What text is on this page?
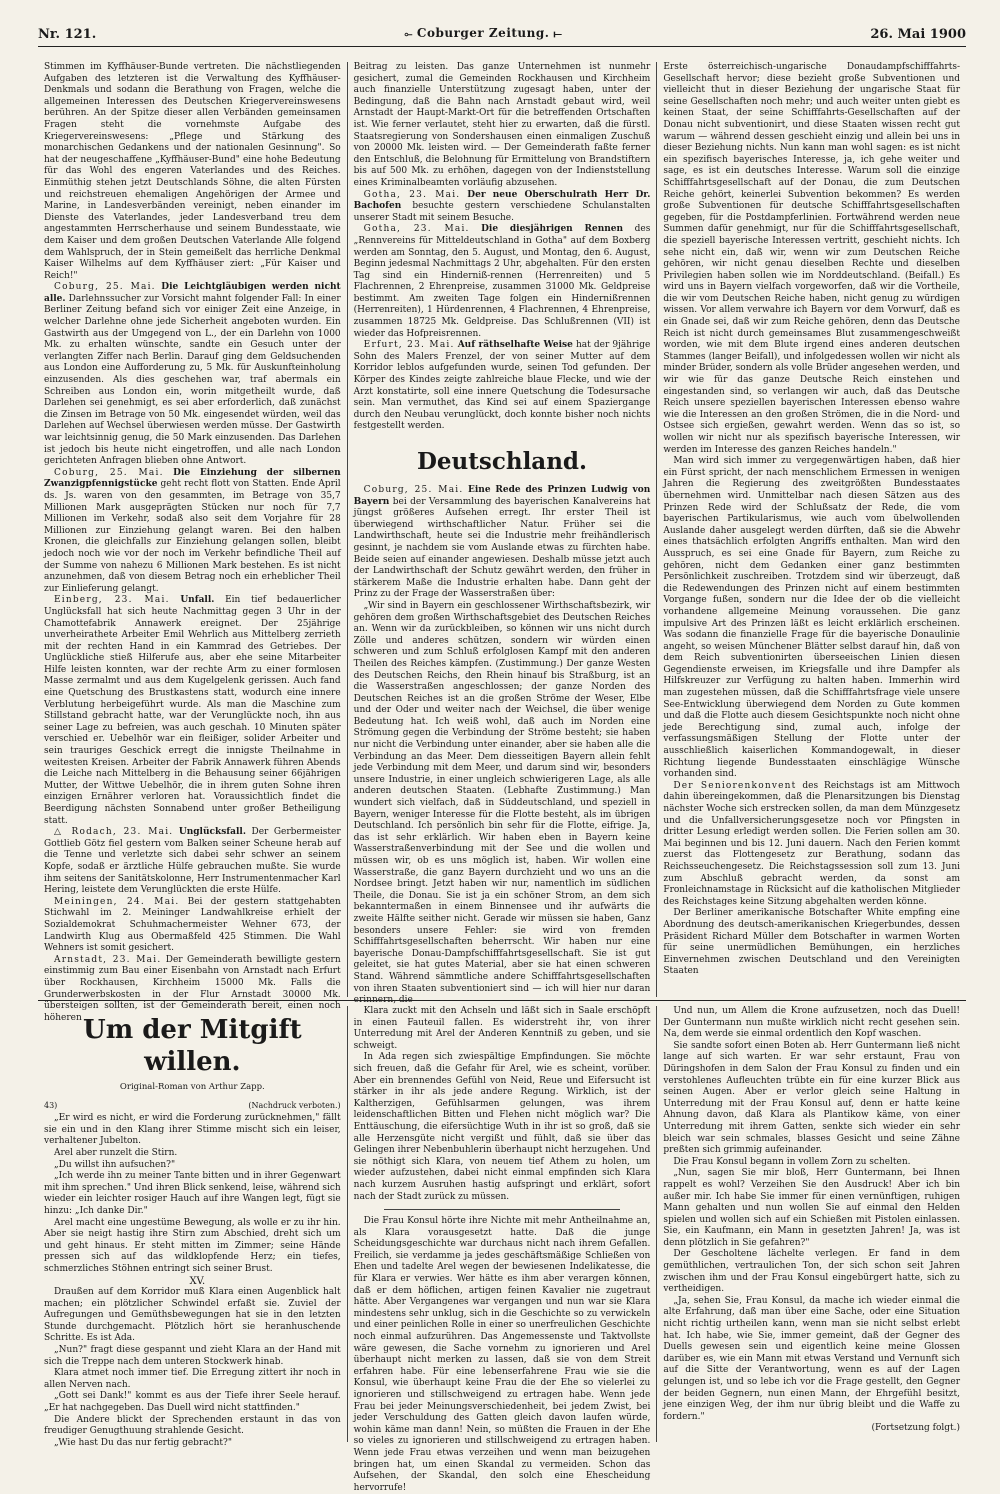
Nr. 121.	⟜ Coburger Zeitung. ⟝	26. Mai 1900

Stimmen im Kyffhäuser-Bunde vertreten. Die nächstliegenden Aufgaben des letzteren ist die Verwaltung des Kyffhäuser-Denkmals und sodann die Berathung von Fragen, welche die allgemeinen Interessen des Deutschen Kriegervereinswesens berühren. An der Spitze dieser allen Verbänden gemeinsamen Fragen steht die vornehmste Aufgabe des Kriegervereinswesens: „Pflege und Stärkung des monarchischen Gedankens und der nationalen Gesinnung". So hat der neugeschaffene „Kyffhäuser-Bund" eine hohe Bedeutung für das Wohl des engeren Vaterlandes und des Reiches. Einmüthig stehen jetzt Deutschlands Söhne, die alten Fürsten und reichstreuen ehemaligen Angehörigen der Armee und Marine, in Landesverbänden vereinigt, neben einander im Dienste des Vaterlandes, jeder Landesverband treu dem angestammten Herrscherhause und seinem Bundesstaate, wie dem Kaiser und dem großen Deutschen Vaterlande Alle folgend dem Wahlspruch, der in Stein gemeißelt das herrliche Denkmal Kaiser Wilhelms auf dem Kyffhäuser ziert: „Für Kaiser und Reich!"

Coburg, 25. Mai. Die Leichtgläubigen werden nicht alle. Darlehnssucher zur Vorsicht mahnt folgender Fall: In einer Berliner Zeitung befand sich vor einiger Zeit eine Anzeige, in welcher Darlehne ohne jede Sicherheit angeboten wurden. Ein Gastwirth aus der Umgegend von L., der ein Darlehn von 1000 Mk. zu erhalten wünschte, sandte ein Gesuch unter der verlangten Ziffer nach Berlin. Darauf ging dem Geldsuchenden aus London eine Aufforderung zu, 5 Mk. für Auskunfteinholung einzusenden. Als dies geschehen war, traf abermals ein Schreiben aus London ein, worin mitgetheilt wurde, daß Darlehen sei genehmigt, es sei aber erforderlich, daß zunächst die Zinsen im Betrage von 50 Mk. eingesendet würden, weil das Darlehen auf Wechsel überwiesen werden müsse. Der Gastwirth war leichtsinnig genug, die 50 Mark einzusenden. Das Darlehen ist jedoch bis heute nicht eingetroffen, und alle nach London gerichteten Anfragen blieben ohne Antwort.

Coburg, 25. Mai. Die Einziehung der silbernen Zwanzigpfennigstücke geht recht flott von Statten. Ende April ds. Js. waren von den gesammten, im Betrage von 35,7 Millionen Mark ausgeprägten Stücken nur noch für 7,7 Millionen im Verkehr, sodaß also seit dem Vorjahre für 28 Millionen zur Einziehung gelangt waren. Bei den halben Kronen, die gleichfalls zur Einziehung gelangen sollen, bleibt jedoch noch wie vor der noch im Verkehr befindliche Theil auf der Summe von nahezu 6 Millionen Mark bestehen. Es ist nicht anzunehmen, daß von diesem Betrag noch ein erheblicher Theil zur Einlieferung gelangt.

Einberg, 23. Mai. Unfall. Ein tief bedauerlicher Unglücksfall hat sich heute Nachmittag gegen 3 Uhr in der Chamottefabrik Annawerk ereignet. Der 25jährige unverheirathete Arbeiter Emil Wehrlich aus Mittelberg zerrieth mit der rechten Hand in ein Kammrad des Getriebes. Der Unglückliche stieß Hilferufe aus, aber ehe seine Mitarbeiter Hilfe leisten konnten, war der rechte Arm zu einer formlosen Masse zermalmt und aus dem Kugelgelenk gerissen. Auch fand eine Quetschung des Brustkastens statt, wodurch eine innere Verblutung herbeigeführt wurde. Als man die Maschine zum Stillstand gebracht hatte, war der Verunglückte noch, ihn aus seiner Lage zu befreien, was auch geschah. 10 Minuten später verschied er. Uebelhör war ein fleißiger, solider Arbeiter und sein trauriges Geschick erregt die innigste Theilnahme in weitesten Kreisen. Arbeiter der Fabrik Annawerk führen Abends die Leiche nach Mittelberg in die Behausung seiner 66jährigen Mutter, der Wittwe Uebelhör, die in ihrem guten Sohne ihren einzigen Ernährer verloren hat. Voraussichtlich findet die Beerdigung nächsten Sonnabend unter großer Betheiligung statt.

△ Rodach, 23. Mai. Unglücksfall. Der Gerbermeister Gottlieb Götz fiel gestern vom Balken seiner Scheune herab auf die Tenne und verletzte sich dabei sehr schwer an seinem Kopfe, sodaß er ärztliche Hülfe gebrauchen mußte. Sie wurde ihm seitens der Sanitätskolonne, Herr Instrumentenmacher Karl Hering, leistete dem Verunglückten die erste Hülfe.

Meiningen, 24. Mai. Bei der gestern stattgehabten Stichwahl im 2. Meininger Landwahlkreise erhielt der Sozialdemokrat Schuhmachermeister Wehner 673, der Landwirth Klug aus Obermaßfeld 425 Stimmen. Die Wahl Wehners ist somit gesichert.

Arnstadt, 23. Mai. Der Gemeinderath bewilligte gestern einstimmig zum Bau einer Eisenbahn von Arnstadt nach Erfurt über Rockhausen, Kirchheim 15000 Mk. Falls die Grunderwerbskosten in der Flur Arnstadt 30000 Mk. übersteigen sollten, ist der Gemeinderath bereit, einen noch höheren

Beitrag zu leisten. Das ganze Unternehmen ist nunmehr gesichert, zumal die Gemeinden Rockhausen und Kirchheim auch finanzielle Unterstützung zugesagt haben, unter der Bedingung, daß die Bahn nach Arnstadt gebaut wird, weil Arnstadt der Haupt-Markt-Ort für die betreffenden Ortschaften ist. Wie ferner verlautet, steht hier zu erwarten, daß die fürstl. Staatsregierung von Sondershausen einen einmaligen Zuschuß von 20000 Mk. leisten wird. — Der Gemeinderath faßte ferner den Entschluß, die Belohnung für Ermittelung von Brandstiftern bis auf 500 Mk. zu erhöhen, dagegen von der Indienststellung eines Kriminalbeamten vorläufig abzusehen.

Gotha, 23. Mai. Der neue Oberschulrath Herr Dr. Bachofen besuchte gestern verschiedene Schulanstalten unserer Stadt mit seinem Besuche.

Gotha, 23. Mai. Die diesjährigen Rennen des „Rennvereins für Mitteldeutschland in Gotha" auf dem Boxberg werden am Sonntag, den 5. August, und Montag, den 6. August, Beginn jedesmal Nachmittags 2 Uhr, abgehalten. Für den ersten Tag sind ein Hinderniß-rennen (Herrenreiten) und 5 Flachrennen, 2 Ehrenpreise, zusammen 31000 Mk. Geldpreise bestimmt. Am zweiten Tage folgen ein Hindernißrennen (Herrenreiten), 1 Hürdenrennen, 4 Flachrennen, 4 Ehrenpreise, zusammen 18725 Mk. Geldpreise. Das Schlußrennen (VII) ist wieder das Hofpreisrennen.

Erfurt, 23. Mai. Auf räthselhafte Weise hat der 9jährige Sohn des Malers Frenzel, der von seiner Mutter auf dem Korridor leblos aufgefunden wurde, seinen Tod gefunden. Der Körper des Kindes zeigte zahlreiche blaue Flecke, und wie der Arzt konstatirte, soll eine innere Quetschung die Todesursache sein. Man vermuthet, das Kind sei auf einem Spaziergange durch den Neubau verunglückt, doch konnte bisher noch nichts festgestellt werden.

Deutschland.

Coburg, 25. Mai. Eine Rede des Prinzen Ludwig von Bayern bei der Versammlung des bayerischen Kanalvereins hat jüngst größeres Aufsehen erregt. Ihr erster Theil ist überwiegend wirthschaftlicher Natur. Früher sei die Landwirthschaft, heute sei die Industrie mehr freihändlerisch gesinnt, je nachdem sie vom Auslande etwas zu fürchten habe. Beide seien auf einander angewiesen. Deshalb müsse jetzt auch der Landwirthschaft der Schutz gewährt werden, den früher in stärkerem Maße die Industrie erhalten habe. Dann geht der Prinz zu der Frage der Wasserstraßen über:

„Wir sind in Bayern ein geschlossener Wirthschaftsbezirk, wir gehören dem großen Wirthschaftsgebiet des Deutschen Reiches an. Wenn wir da zurückbleiben, so können wir uns nicht durch Zölle und anderes schützen, sondern wir würden einen schweren und zum Schluß erfolglosen Kampf mit den anderen Theilen des Reiches kämpfen. (Zustimmung.) Der ganze Westen des Deutschen Reichs, den Rhein hinauf bis Straßburg, ist an die Wasserstraßen angeschlossen; der ganze Norden des Deutschen Reiches ist an die großen Ströme der Weser, Elbe und der Oder und weiter nach der Weichsel, die über wenige Bedeutung hat. Ich weiß wohl, daß auch im Norden eine Strömung gegen die Verbindung der Ströme besteht; sie haben nur nicht die Verbindung unter einander, aber sie haben alle die Verbindung an das Meer. Dem diesseitigen Bayern allein fehlt jede Verbindung mit dem Meer, und darum sind wir, besonders unsere Industrie, in einer ungleich schwierigeren Lage, als alle anderen deutschen Staaten. (Lebhafte Zustimmung.) Man wundert sich vielfach, daß in Süddeutschland, und speziell in Bayern, weniger Interesse für die Flotte besteht, als im übrigen Deutschland. Ich persönlich bin sehr für die Flotte, eifrige. Ja, das ist sehr erklärlich. Wir haben eben in Bayern keine Wasserstraßenverbindung mit der See und die wollen und müssen wir, ob es uns möglich ist, haben. Wir wollen eine Wasserstraße, die ganz Bayern durchzieht und wo uns an die Nordsee bringt. Jetzt haben wir nur, namentlich im südlichen Theile, die Donau. Sie ist ja ein schöner Strom, an dem sich bekanntermaßen in einem Binnensee und ihr aufwärts die zweite Hälfte seither nicht. Gerade wir müssen sie haben, Ganz besonders unsere Fehler: sie wird von fremden Schifffahrtsgesellschaften beherrscht. Wir haben nur eine bayerische Donau-Dampfschifffahrtsgesellschaft. Sie ist gut geleitet, sie hat gutes Material, aber sie hat einen schweren Stand. Während sämmtliche andere Schifffahrtsgesellschaften von ihren Staaten subventioniert sind — ich will hier nur daran erinnern, die

Erste österreichisch-ungarische Donaudampfschifffahrts-Gesellschaft hervor; diese bezieht große Subventionen und vielleicht thut in dieser Beziehung der ungarische Staat für seine Gesellschaften noch mehr; und auch weiter unten giebt es keinen Staat, der seine Schifffahrts-Gesellschaften auf der Donau nicht subventionirt, und diese Staaten wissen recht gut warum — während dessen geschieht einzig und allein bei uns in dieser Beziehung nichts. Nun kann man wohl sagen: es ist nicht ein spezifisch bayerisches Interesse, ja, ich gehe weiter und sage, es ist ein deutsches Interesse. Warum soll die einzige Schifffahrtsgesellschaft auf der Donau, die zum Deutschen Reiche gehört, keinerlei Subvention bekommen? Es werden große Subventionen für deutsche Schifffahrtsgesellschaften gegeben, für die Postdampferlinien. Fortwährend werden neue Summen dafür genehmigt, nur für die Schifffahrtsgesellschaft, die speziell bayerische Interessen vertritt, geschieht nichts. Ich sehe nicht ein, daß wir, wenn wir zum Deutschen Reiche gehören, wir nicht genau dieselben Rechte und dieselben Privilegien haben sollen wie im Norddeutschland. (Beifall.) Es wird uns in Bayern vielfach vorgeworfen, daß wir die Vortheile, die wir vom Deutschen Reiche haben, nicht genug zu würdigen wissen. Vor allem verwahre ich Bayern vor dem Vorwurf, daß es ein Gnade sei, daß wir zum Reiche gehören, denn das Deutsche Reich ist nicht durch gemeinsames Blut zusammengeschweißt worden, wie mit dem Blute irgend eines anderen deutschen Stammes (langer Beifall), und infolgedessen wollen wir nicht als minder Brüder, sondern als volle Brüder angesehen werden, und wir wie für das ganze Deutsche Reich einstehen und eingestanden sind, so verlangen wir auch, daß das Deutsche Reich unsere speziellen bayerischen Interessen ebenso wahre wie die Interessen an den großen Strömen, die in die Nord- und Ostsee sich ergießen, gewahrt werden. Wenn das so ist, so wollen wir nicht nur als spezifisch bayerische Interessen, wir werden im Interesse des ganzen Reiches handeln."

Man wird sich immer zu vergegenwärtigen haben, daß hier ein Fürst spricht, der nach menschlichem Ermessen in wenigen Jahren die Regierung des zweitgrößten Bundesstaates übernehmen wird. Unmittelbar nach diesen Sätzen aus des Prinzen Rede wird der Schlußsatz der Rede, die vom bayerischen Partikularismus, wie auch vom übelwollenden Auslande daher ausgelegt werden dürften, daß sie die Abwehr eines thatsächlich erfolgten Angriffs enthalten. Man wird den Ausspruch, es sei eine Gnade für Bayern, zum Reiche zu gehören, nicht dem Gedanken einer ganz bestimmten Persönlichkeit zuschreiben. Trotzdem sind wir überzeugt, daß die Redewendungen des Prinzen nicht auf einem bestimmten Vorgange fußen, sondern nur die Idee der ob die vielleicht vorhandene allgemeine Meinung voraussehen. Die ganz impulsive Art des Prinzen läßt es leicht erklärlich erscheinen. Was sodann die finanzielle Frage für die bayerische Donaulinie angeht, so weisen Münchener Blätter selbst darauf hin, daß von dem Reich subventionirten überseeischen Linien diesen Gegendienste erweisen, im Kriegsfalle und ihre Dampfer als Hilfskreuzer zur Verfügung zu halten haben. Immerhin wird man zugestehen müssen, daß die Schifffahrtsfrage viele unsere See-Entwicklung überwiegend dem Norden zu Gute kommen und daß die Flotte auch diesem Gesichtspunkte noch nicht ohne jede Berechtigung sind, zumal auch, infolge der verfassungsmäßigen Stellung der Flotte unter der ausschließlich kaiserlichen Kommandogewalt, in dieser Richtung liegende Bundesstaaten einschlägige Wünsche vorhanden sind.

Der Seniorenkonvent des Reichstags ist am Mittwoch dahin übereingekommen, daß die Plenarsitzungen bis Dienstag nächster Woche sich erstrecken sollen, da man dem Münzgesetz und die Unfallversicherungsgesetze noch vor Pfingsten in dritter Lesung erledigt werden sollen. Die Ferien sollen am 30. Mai beginnen und bis 12. Juni dauern. Nach den Ferien kommt zuerst das Flottengesetz zur Berathung, sodann das Reichsseuchengesetz. Die Reichstagssession soll zum 13. Juni zum Abschluß gebracht werden, da sonst am Fronleichnamstage in Rücksicht auf die katholischen Mitglieder des Reichstages keine Sitzung abgehalten werden könne.

Der Berliner amerikanische Botschafter White empfing eine Abordnung des deutsch-amerikanischen Kriegerbundes, dessen Präsident Richard Müller dem Botschafter in warmen Worten für seine unermüdlichen Bemühungen, ein herzliches Einvernehmen zwischen Deutschland und den Vereinigten Staaten

Um der Mitgift willen.
Original-Roman von Arthur Zapp.
43)	(Nachdruck verboten.)

„Er wird es nicht, er wird die Forderung zurücknehmen," fällt sie ein und in den Klang ihrer Stimme mischt sich ein leiser, verhaltener Jubelton.

Arel aber runzelt die Stirn.

„Du willst ihn aufsuchen?"

„Ich werde ihn zu meiner Tante bitten und in ihrer Gegenwart mit ihm sprechen." Und ihren Blick senkend, leise, während sich wieder ein leichter rosiger Hauch auf ihre Wangen legt, fügt sie hinzu: „Ich danke Dir."

Arel macht eine ungestüme Bewegung, als wolle er zu ihr hin. Aber sie neigt hastig ihre Stirn zum Abschied, dreht sich um und geht hinaus. Er steht mitten im Zimmer; seine Hände pressen sich auf das wildklopfende Herz; ein tiefes, schmerzliches Stöhnen entringt sich seiner Brust.

XV.

Draußen auf dem Korridor muß Klara einen Augenblick halt machen; ein plötzlicher Schwindel erfaßt sie. Zuviel der Aufregungen und Gemüthsbewegungen hat sie in den letzten Stunde durchgemacht. Plötzlich hört sie heranhuschende Schritte. Es ist Ada.

„Nun?" fragt diese gespannt und zieht Klara an der Hand mit sich die Treppe nach dem unteren Stockwerk hinab.

Klara atmet noch immer tief. Die Erregung zittert ihr noch in allen Nerven nach.

„Gott sei Dank!" kommt es aus der Tiefe ihrer Seele herauf. „Er hat nachgegeben. Das Duell wird nicht stattfinden."

Die Andere blickt der Sprechenden erstaunt in das von freudiger Genugthuung strahlende Gesicht.

„Wie hast Du das nur fertig gebracht?"

Klara zuckt mit den Achseln und läßt sich in Saale erschöpft in einen Fauteuil fallen. Es widerstreht ihr, von ihrer Unterredung mit Arel der Anderen Kenntniß zu geben, und sie schweigt.

In Ada regen sich zwiespältige Empfindungen. Sie möchte sich freuen, daß die Gefahr für Arel, wie es scheint, vorüber. Aber ein brennendes Gefühl von Neid, Reue und Eifersucht ist stärker in ihr als jede andere Regung. Wirklich, ist der Kaltherzigen, Gefühlsarmen gelungen, was ihrem leidenschaftlichen Bitten und Flehen nicht möglich war? Die Enttäuschung, die eifersüchtige Wuth in ihr ist so groß, daß sie alle Herzensgüte nicht vergißt und fühlt, daß sie über das Gelingen ihrer Nebenbuhlerin überhaupt nicht herzugehen. Und sie nöthigt sich Klara, von neuem tief Athem zu holen, um wieder aufzustehen, dabei nicht einmal empfinden sich Klara nach kurzem Ausruhen hastig aufspringt und erklärt, sofort nach der Stadt zurück zu müssen.

Die Frau Konsul hörte ihre Nichte mit mehr Antheilnahme an, als Klara vorausgesetzt hatte. Daß die junge Scheidungsgeschichte war durchaus nicht nach ihrem Gefallen. Freilich, sie verdamme ja jedes geschäftsmäßige Schließen von Ehen und tadelte Arel wegen der bewiesenen Indelikatesse, die für Klara er verwies. Wer hätte es ihm aber verargen können, daß er dem höflichen, artigen feinen Kavalier nie zugetraut hätte. Aber Vergangenes war vergangen und nun war sie Klara mindestens sehr unklug, sich in die Geschichte so zu verwickeln und einer peinlichen Rolle in einer so unerfreulichen Geschichte noch einmal aufzurühren. Das Angemessenste und Taktvollste wäre gewesen, die Sache vornehm zu ignorieren und Arel überhaupt nicht merken zu lassen, daß sie von dem Streit erfahren habe. Für eine lebenserfahrene Frau wie sie die Konsul, wie überhaupt keine Frau die der Ehe so vielerlei zu ignorieren und stillschweigend zu ertragen habe. Wenn jede Frau bei jeder Meinungsverschiedenheit, bei jedem Zwist, bei jeder Verschuldung des Gatten gleich davon laufen würde, wohin käme man dann! Nein, so müßten die Frauen in der Ehe so vieles zu ignorieren und stillschweigend zu ertragen haben. Wenn jede Frau etwas verzeihen und wenn man beizugehen bringen hat, um einen Skandal zu vermeiden. Schon das Aufsehen, der Skandal, den solch eine Ehescheidung hervorrufe!

Und nun, um Allem die Krone aufzusetzen, noch das Duell! Der Guntermann nun mußte wirklich nicht recht gesehen sein. Na, dem werde sie einmal ordentlich den Kopf waschen.

Sie sandte sofort einen Boten ab. Herr Guntermann ließ nicht lange auf sich warten. Er war sehr erstaunt, Frau von Düringshofen in dem Salon der Frau Konsul zu finden und ein verstohlenes Aufleuchten trübte ein für eine kurzer Blick aus seinen Augen. Aber er verlor gleich seine Haltung in Unterredung mit der Frau Konsul auf, denn er hatte keine Ahnung davon, daß Klara als Plantikow käme, von einer Unterredung mit ihrem Gatten, senkte sich wieder ein sehr bleich war sein schmales, blasses Gesicht und seine Zähne preßten sich grimmig aufeinander.

Die Frau Konsul begann in vollem Zorn zu schelten.

„Nun, sagen Sie mir bloß, Herr Guntermann, bei Ihnen rappelt es wohl? Verzeihen Sie den Ausdruck! Aber ich bin außer mir. Ich habe Sie immer für einen vernünftigen, ruhigen Mann gehalten und nun wollen Sie auf einmal den Helden spielen und wollen sich auf ein Schießen mit Pistolen einlassen. Sie, ein Kaufmann, ein Mann in gesetzten Jahren! Ja, was ist denn plötzlich in Sie gefahren?"

Der Gescholtene lächelte verlegen. Er fand in dem gemüthlichen, vertraulichen Ton, der sich schon seit Jahren zwischen ihm und der Frau Konsul eingebürgert hatte, sich zu vertheidigen.

„Ja, sehen Sie, Frau Konsul, da mache ich wieder einmal die alte Erfahrung, daß man über eine Sache, oder eine Situation nicht richtig urtheilen kann, wenn man sie nicht selbst erlebt hat. Ich habe, wie Sie, immer gemeint, daß der Gegner des Duells gewesen sein und eigentlich keine meine Glossen darüber es, wie ein Mann mit etwas Verstand und Vernunft sich auf die Sitte der Verantwortung, wenn es auf der Lagen gelungen ist, und so lebe ich vor die Frage gestellt, den Gegner der beiden Gegnern, nun einen Mann, der Ehrgefühl besitzt, jene einzigen Weg, der ihm nur übrig bleibt und die Waffe zu fordern."

(Fortsetzung folgt.)
